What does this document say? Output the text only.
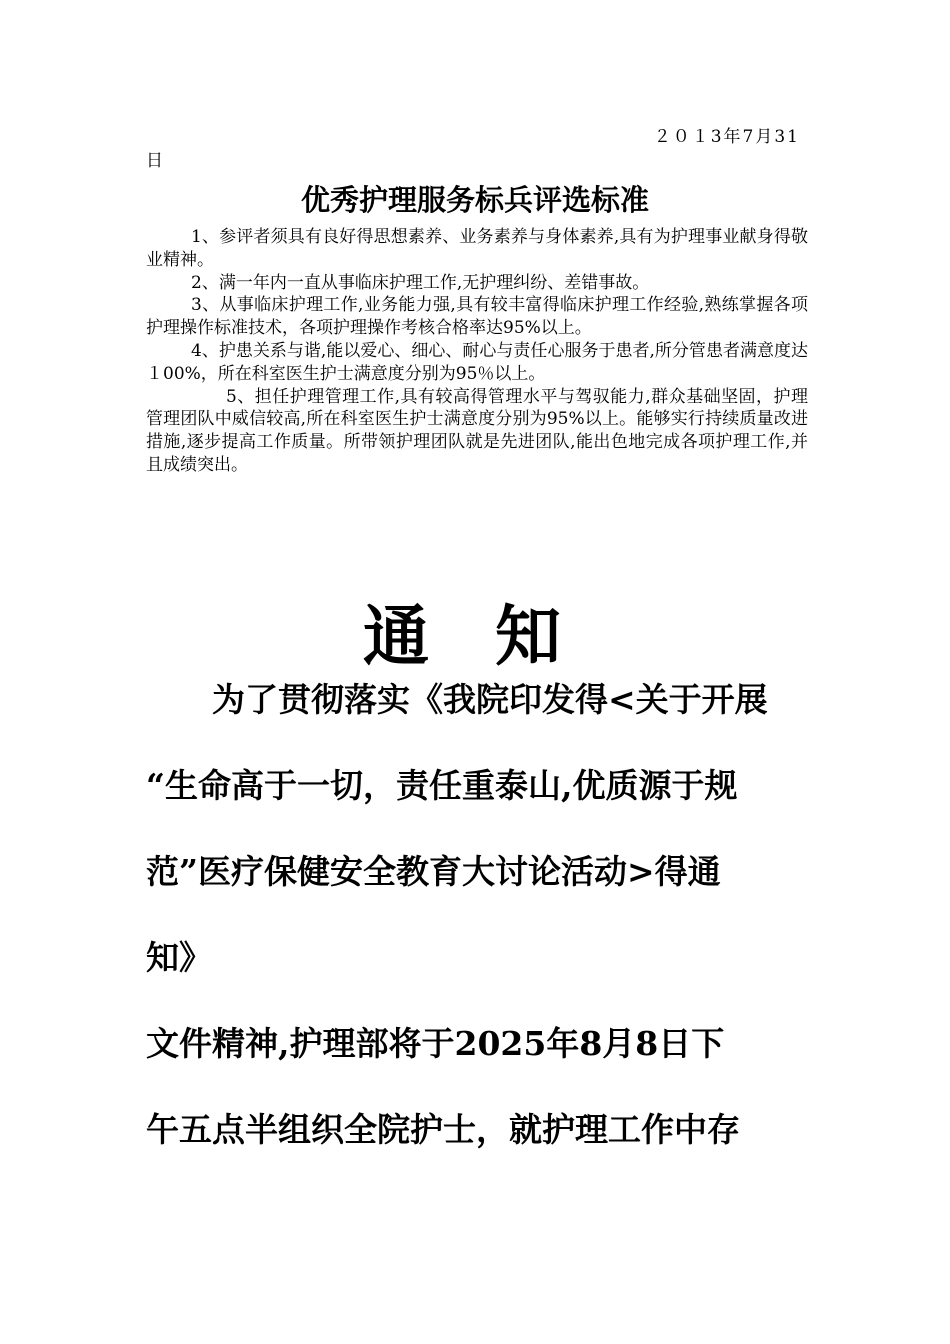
２０１3年7月31
日
优秀护理服务标兵评选标准

1、参评者须具有良好得思想素养、业务素养与身体素养,具有为护理事业献身得敬业精神。

2、满一年内一直从事临床护理工作,无护理纠纷、差错事故。

3、从事临床护理工作,业务能力强,具有较丰富得临床护理工作经验,熟练掌握各项护理操作标准技术，各项护理操作考核合格率达95%以上。

4、护患关系与谐,能以爱心、细心、耐心与责任心服务于患者,所分管患者满意度达１00%，所在科室医生护士满意度分别为95％以上。

5、担任护理管理工作,具有较高得管理水平与驾驭能力,群众基础坚固，护理管理团队中威信较高,所在科室医生护士满意度分别为95%以上。能够实行持续质量改进措施,逐步提高工作质量。所带领护理团队就是先进团队,能出色地完成各项护理工作,并且成绩突出。

通知
为了贯彻落实《我院印发得<关于开展
“生命高于一切，责任重泰山,优质源于规
范”医疗保健安全教育大讨论活动>得通
知》
文件精神,护理部将于2025年8月8日下
午五点半组织全院护士，就护理工作中存
